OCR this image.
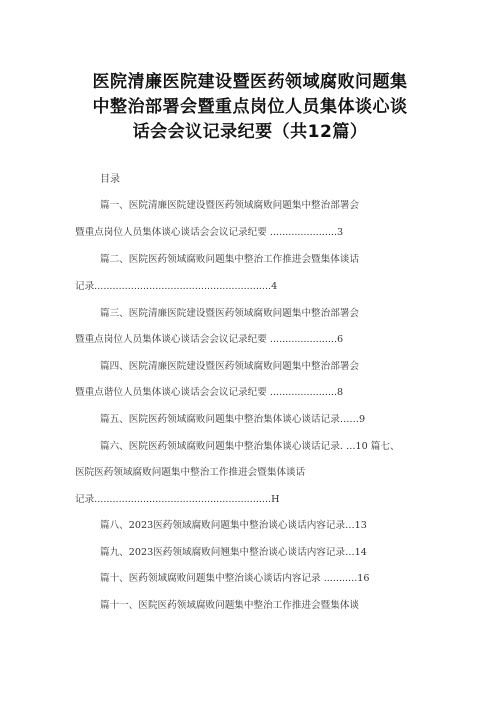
医院清廉医院建设暨医药领域腐败问题集
中整治部署会暨重点岗位人员集体谈心谈
话会会议记录纪要（共12篇）
目录
篇一、医院清廉医院建设暨医药领域腐败问题集中整治部署会
暨重点岗位人员集体谈心谈话会会议记录纪要 ......................3
篇二、医院医药领域腐败问题集中整治工作推进会暨集体谈话
记录..........................................................4
篇三、医院清廉医院建设暨医药领域腐败问题集中整治部署会
暨重点岗位人员集体谈心谈话会会议记录纪要 ......................6
篇四、医院清廉医院建设暨医药领域腐败问题集中整治部署会
暨重点谐位人员集体谈心谈话会会议记录纪要 ......................8
篇五、医院医药领域腐败问题集中整治集体谈心谈话记录……9
篇六、医院医药领域腐败问题集中整治集体谈心谈话记录. …10 篇七、
医院医药领域腐败问题集中整治工作推进会暨集体谈话
记录..........................................................H
篇八、2023医药领域腐败问题集中整治谈心谈话内容记录…13
篇九、2023医药领域腐败问翘集中整治谈心谈话内容记录…14
篇十、医药领域腐败问题集中整治谈心谈话内容记录 ...........16
篇十一、医院医药领域腐败问题集中整治工作推进会暨集体谈
